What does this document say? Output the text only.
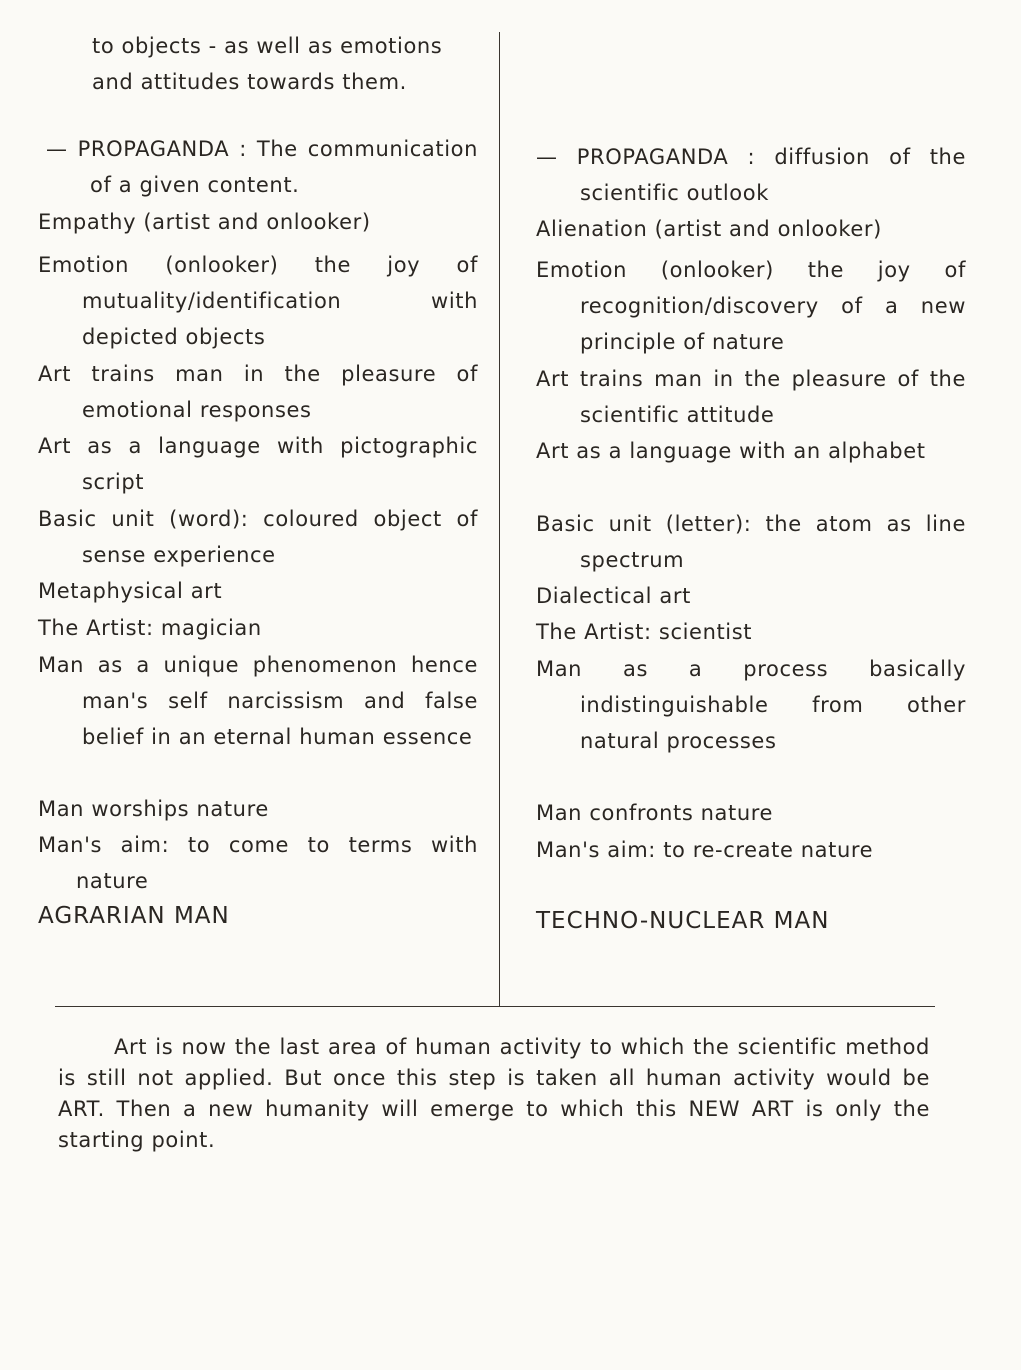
to objects - as well as emotions and attitudes towards them.
— PROPAGANDA : The communication of a given content.
Empathy (artist and onlooker)
Emotion (onlooker) the joy of mutuality/identification with depicted objects
Art trains man in the pleasure of emotional responses
Art as a language with pictographic script
Basic unit (word): coloured object of sense experience
Metaphysical art
The Artist: magician
Man as a unique phenomenon hence man's self narcissism and false belief in an eternal human essence
Man worships nature
Man's aim: to come to terms with nature
AGRARIAN MAN
— PROPAGANDA : diffusion of the scientific outlook
Alienation (artist and onlooker)
Emotion (onlooker) the joy of recognition/discovery of a new principle of nature
Art trains man in the pleasure of the scientific attitude
Art as a language with an alphabet
Basic unit (letter): the atom as line spectrum
Dialectical art
The Artist: scientist
Man as a process basically indistinguishable from other natural processes
Man confronts nature
Man's aim: to re-create nature
TECHNO-NUCLEAR MAN
Art is now the last area of human activity to which the scientific method is still not applied. But once this step is taken all human activity would be ART. Then a new humanity will emerge to which this NEW ART is only the starting point.
